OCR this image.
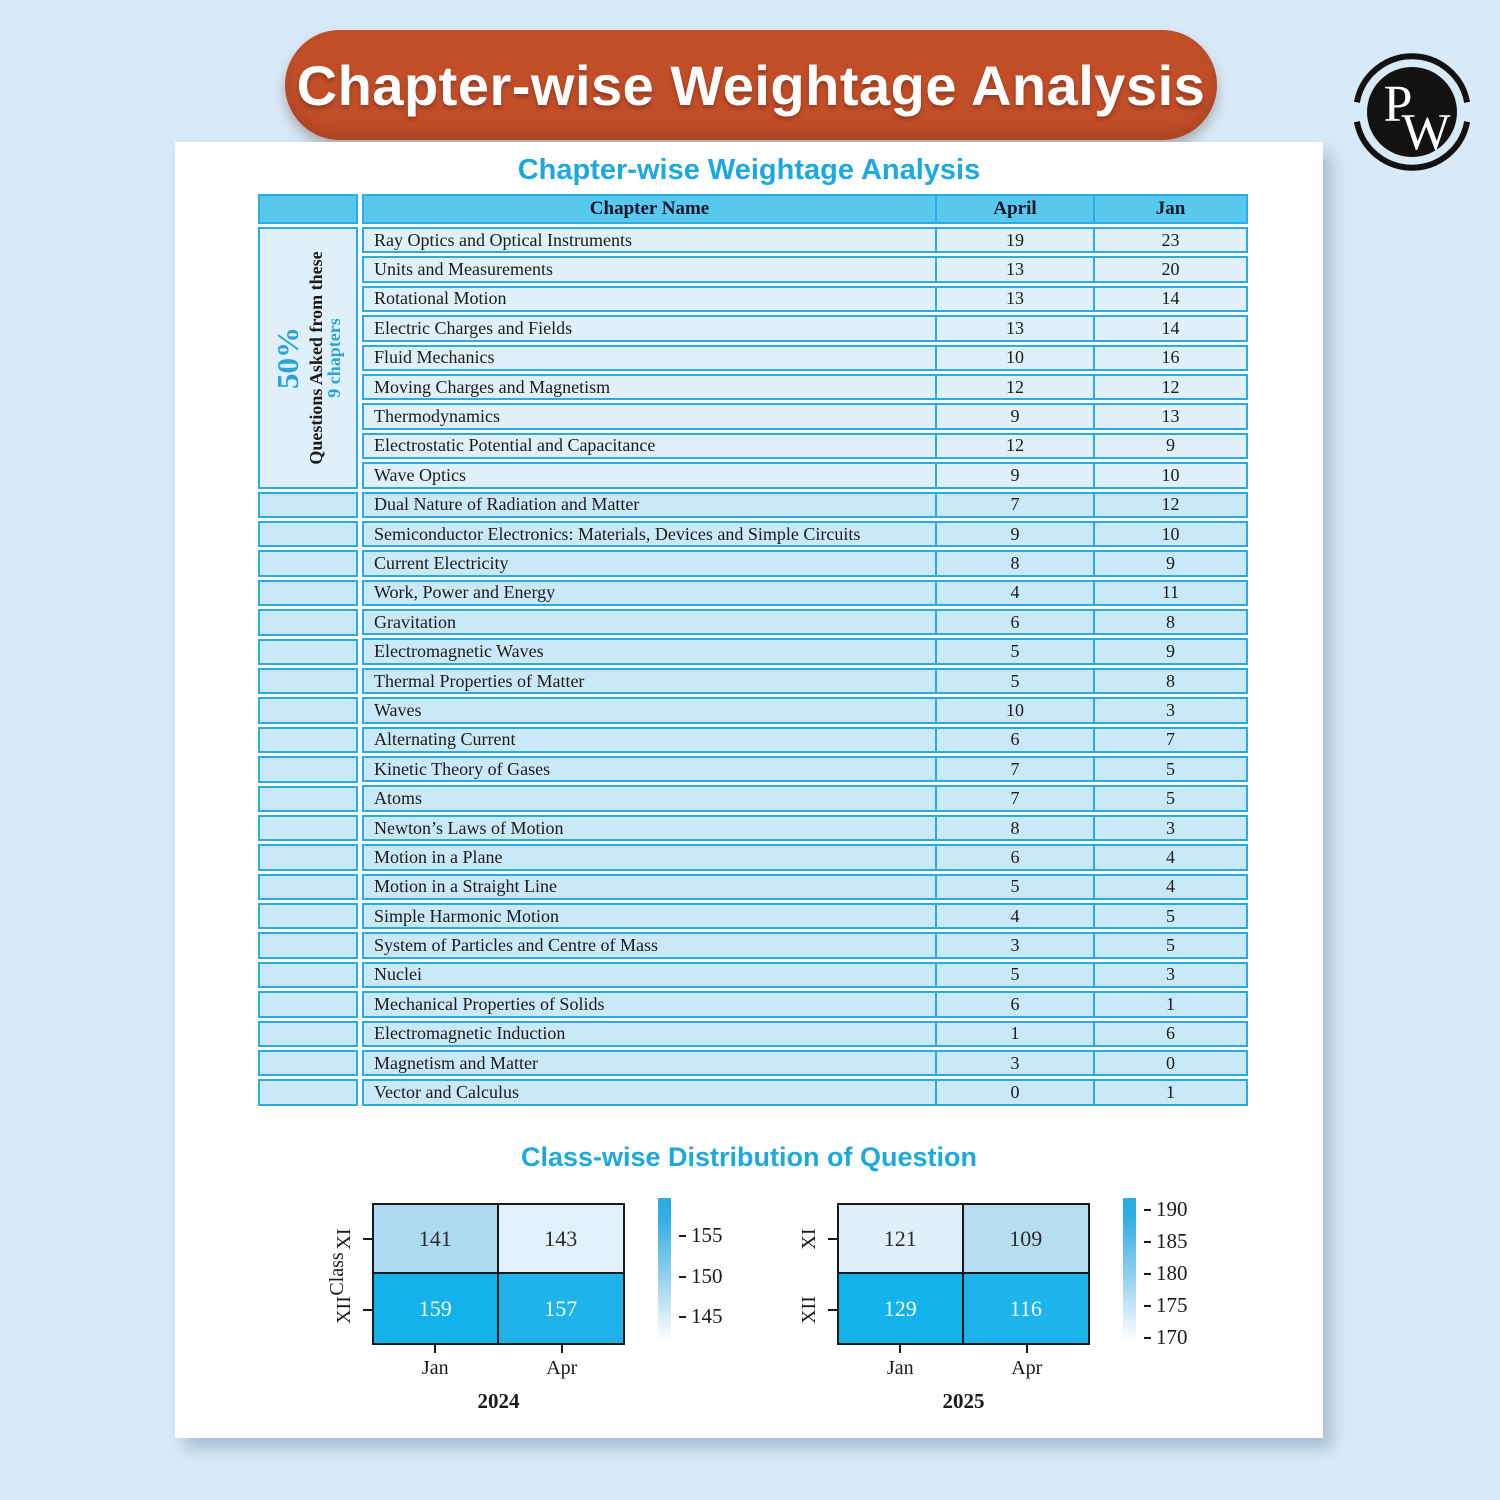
Chapter-wise Weightage Analysis	P
W
Chapter-wise Weightage Analysis
50% Questions Asked from these
9 chapters
Chapter Name	April	Jan
Ray Optics and Optical Instruments	19	23
Units and Measurements	13	20
Rotational Motion	13	14
Electric Charges and Fields	13	14
Fluid Mechanics	10	16
Moving Charges and Magnetism	12	12
Thermodynamics	9	13
Electrostatic Potential and Capacitance	12	9
Wave Optics	9	10
Dual Nature of Radiation and Matter	7	12
Semiconductor Electronics: Materials, Devices and Simple Circuits	9	10
Current Electricity	8	9
Work, Power and Energy	4	11
Gravitation	6	8
Electromagnetic Waves	5	9
Thermal Properties of Matter	5	8
Waves	10	3
Alternating Current	6	7
Kinetic Theory of Gases	7	5
Atoms	7	5
Newton’s Laws of Motion	8	3
Motion in a Plane	6	4
Motion in a Straight Line	5	4
Simple Harmonic Motion	4	5
System of Particles and Centre of Mass	3	5
Nuclei	5	3
Mechanical Properties of Solids	6	1
Electromagnetic Induction	1	6
Magnetism and Matter	3	0
Vector and Calculus	0	1
Class-wise Distribution of Question
141	143
159	157
XI
XII
Class
Jan	Apr
2024
155
150
145
121	109
129	116
XI
XII
Jan	Apr
2025
190
185
180
175
170
